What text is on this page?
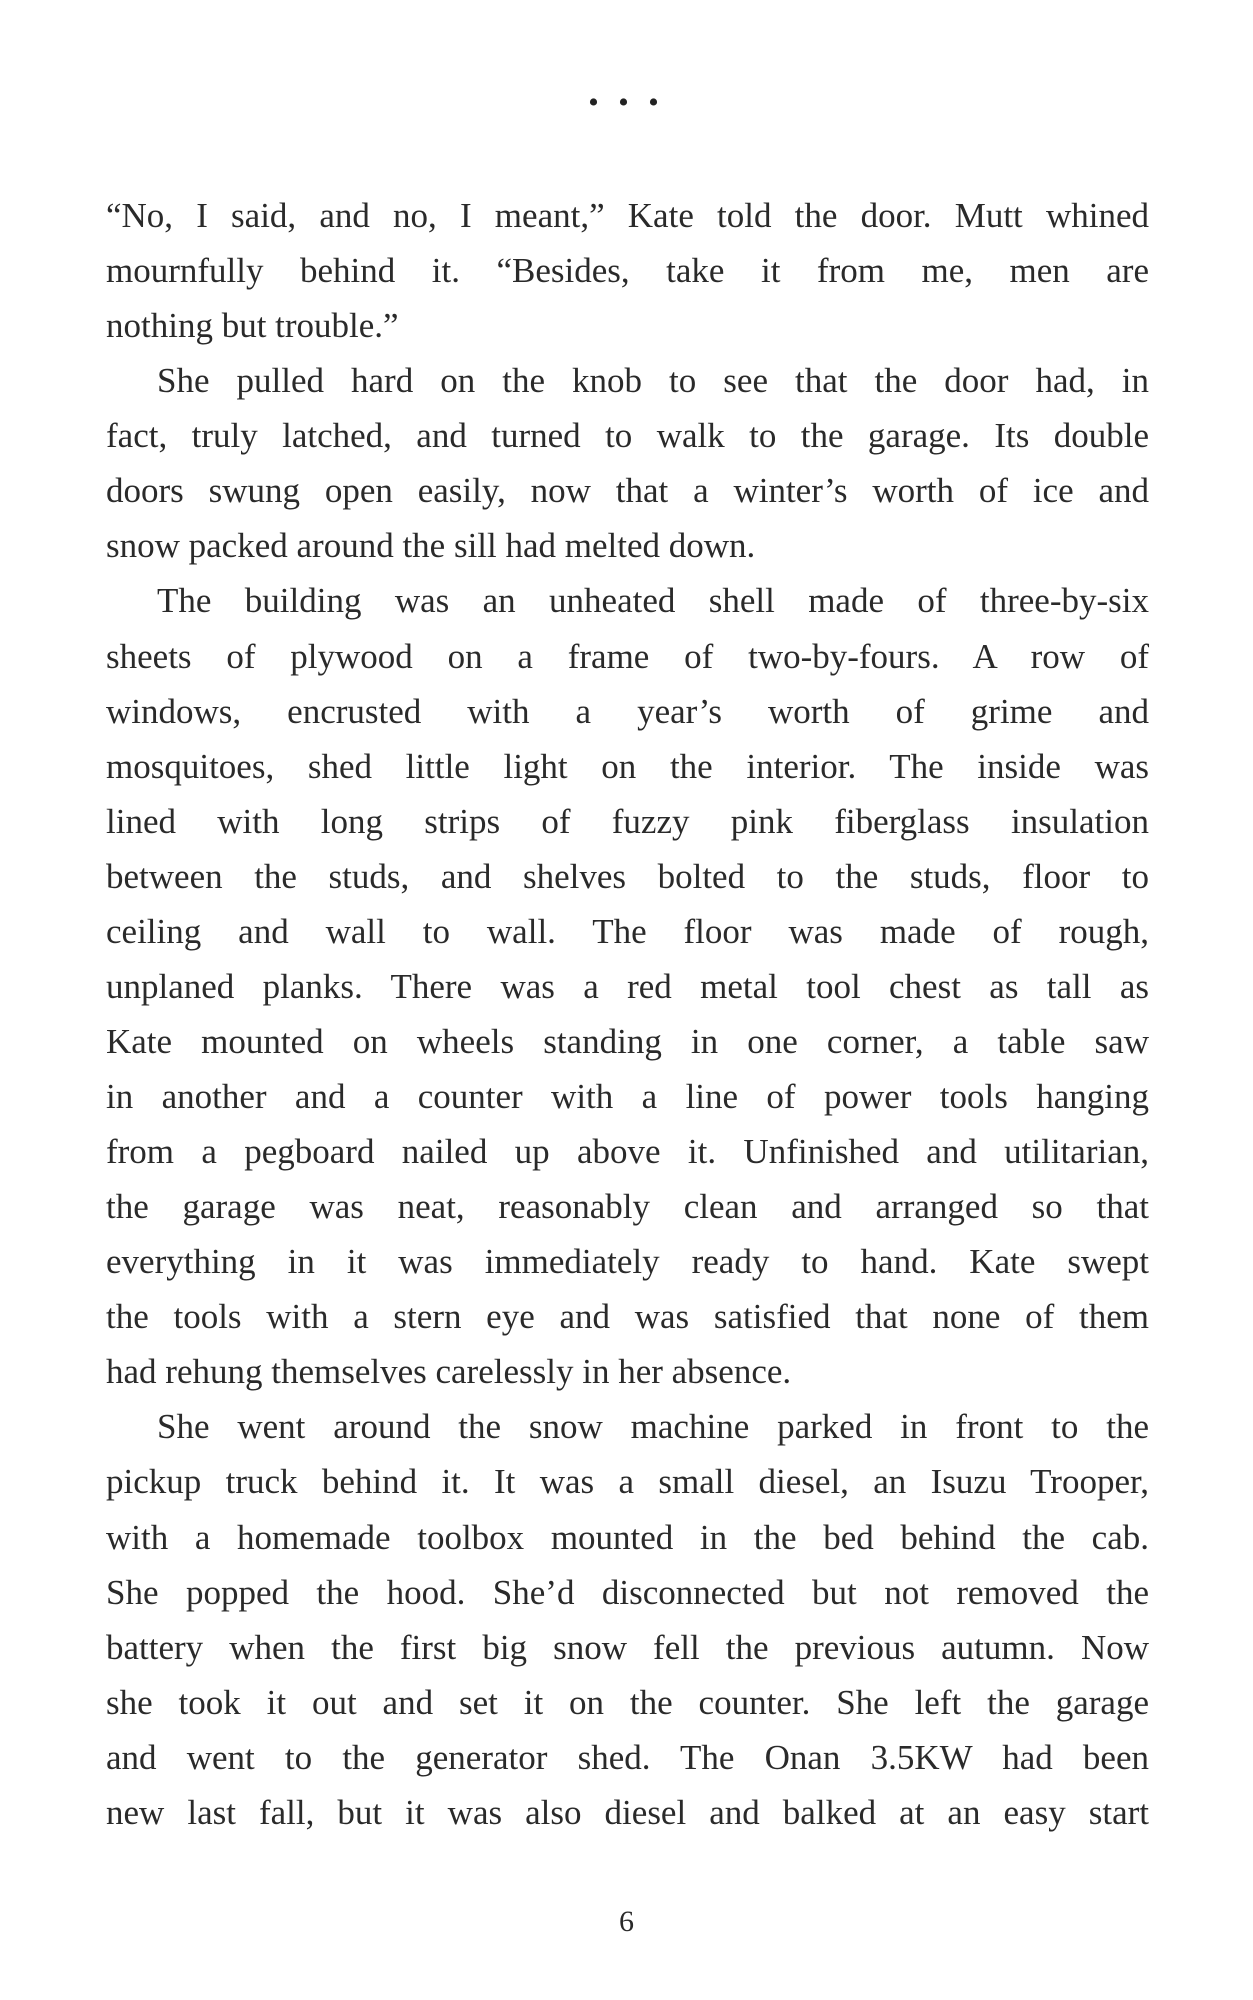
• • •
“No, I said, and no, I meant,” Kate told the door. Mutt whined
mournfully behind it. “Besides, take it from me, men are
nothing but trouble.”
She pulled hard on the knob to see that the door had, in
fact, truly latched, and turned to walk to the garage. Its double
doors swung open easily, now that a winter’s worth of ice and
snow packed around the sill had melted down.
The building was an unheated shell made of three-by-six
sheets of plywood on a frame of two-by-fours. A row of
windows, encrusted with a year’s worth of grime and
mosquitoes, shed little light on the interior. The inside was
lined with long strips of fuzzy pink fiberglass insulation
between the studs, and shelves bolted to the studs, floor to
ceiling and wall to wall. The floor was made of rough,
unplaned planks. There was a red metal tool chest as tall as
Kate mounted on wheels standing in one corner, a table saw
in another and a counter with a line of power tools hanging
from a pegboard nailed up above it. Unfinished and utilitarian,
the garage was neat, reasonably clean and arranged so that
everything in it was immediately ready to hand. Kate swept
the tools with a stern eye and was satisfied that none of them
had rehung themselves carelessly in her absence.
She went around the snow machine parked in front to the
pickup truck behind it. It was a small diesel, an Isuzu Trooper,
with a homemade toolbox mounted in the bed behind the cab.
She popped the hood. She’d disconnected but not removed the
battery when the first big snow fell the previous autumn. Now
she took it out and set it on the counter. She left the garage
and went to the generator shed. The Onan 3.5KW had been
new last fall, but it was also diesel and balked at an easy start
6
